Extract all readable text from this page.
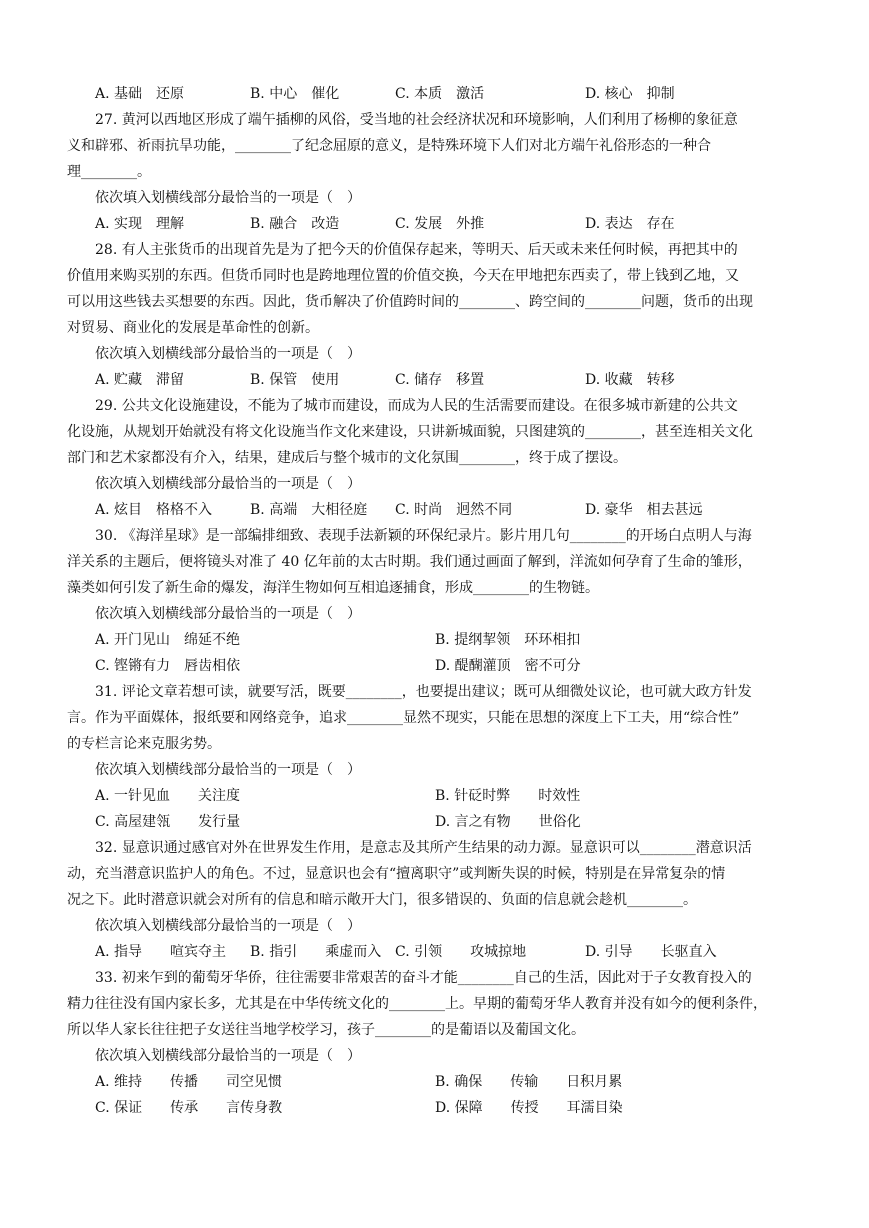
A. 基础　还原	B. 中心　催化	C. 本质　激活	D. 核心　抑制
27. 黄河以西地区形成了端午插柳的风俗，受当地的社会经济状况和环境影响，人们利用了杨柳的象征意
义和辟邪、祈雨抗旱功能，________了纪念屈原的意义，是特殊环境下人们对北方端午礼俗形态的一种合
理________。
依次填入划横线部分最恰当的一项是（　）
A. 实现　理解	B. 融合　改造	C. 发展　外推	D. 表达　存在
28. 有人主张货币的出现首先是为了把今天的价值保存起来，等明天、后天或未来任何时候，再把其中的
价值用来购买别的东西。但货币同时也是跨地理位置的价值交换，今天在甲地把东西卖了，带上钱到乙地，又
可以用这些钱去买想要的东西。因此，货币解决了价值跨时间的________、跨空间的________问题，货币的出现
对贸易、商业化的发展是革命性的创新。
依次填入划横线部分最恰当的一项是（　）
A. 贮藏　滞留	B. 保管　使用	C. 储存　移置	D. 收藏　转移
29. 公共文化设施建设，不能为了城市而建设，而成为人民的生活需要而建设。在很多城市新建的公共文
化设施，从规划开始就没有将文化设施当作文化来建设，只讲新城面貌，只图建筑的________，甚至连相关文化
部门和艺术家都没有介入，结果，建成后与整个城市的文化氛围________，终于成了摆设。
依次填入划横线部分最恰当的一项是（　）
A. 炫目　格格不入	B. 高端　大相径庭 C. 时尚　迥然不同	D. 豪华　相去甚远
30. 《海洋星球》是一部编排细致、表现手法新颖的环保纪录片。影片用几句________的开场白点明人与海
洋关系的主题后，便将镜头对准了 40 亿年前的太古时期。我们通过画面了解到，洋流如何孕育了生命的雏形，
藻类如何引发了新生命的爆发，海洋生物如何互相追逐捕食，形成________的生物链。
依次填入划横线部分最恰当的一项是（　）
A. 开门见山　绵延不绝	B. 提纲挈领　环环相扣
C. 铿锵有力　唇齿相依	D. 醍醐灌顶　密不可分
31. 评论文章若想可读，就要写活，既要________，也要提出建议；既可从细微处议论，也可就大政方针发
言。作为平面媒体，报纸要和网络竞争，追求________显然不现实，只能在思想的深度上下工夫，用“综合性”
的专栏言论来克服劣势。
依次填入划横线部分最恰当的一项是（　）
A. 一针见血　　关注度	B. 针砭时弊　　时效性
C. 高屋建瓴　　发行量	D. 言之有物　　世俗化
32. 显意识通过感官对外在世界发生作用，是意志及其所产生结果的动力源。显意识可以________潜意识活
动，充当潜意识监护人的角色。不过，显意识也会有“擅离职守”或判断失误的时候，特别是在异常复杂的情
况之下。此时潜意识就会对所有的信息和暗示敞开大门，很多错误的、负面的信息就会趁机________。
依次填入划横线部分最恰当的一项是（　）
A. 指导　　喧宾夺主 B. 指引　　乘虚而入 C. 引领　　攻城掠地	D. 引导　　长驱直入
33. 初来乍到的葡萄牙华侨，往往需要非常艰苦的奋斗才能________自己的生活，因此对于子女教育投入的
精力往往没有国内家长多，尤其是在中华传统文化的________上。早期的葡萄牙华人教育并没有如今的便利条件，
所以华人家长往往把子女送往当地学校学习，孩子________的是葡语以及葡国文化。
依次填入划横线部分最恰当的一项是（　）
A. 维持　　传播　　司空见惯	B. 确保　　传输　　日积月累
C. 保证　　传承　　言传身教	D. 保障　　传授　　耳濡目染
